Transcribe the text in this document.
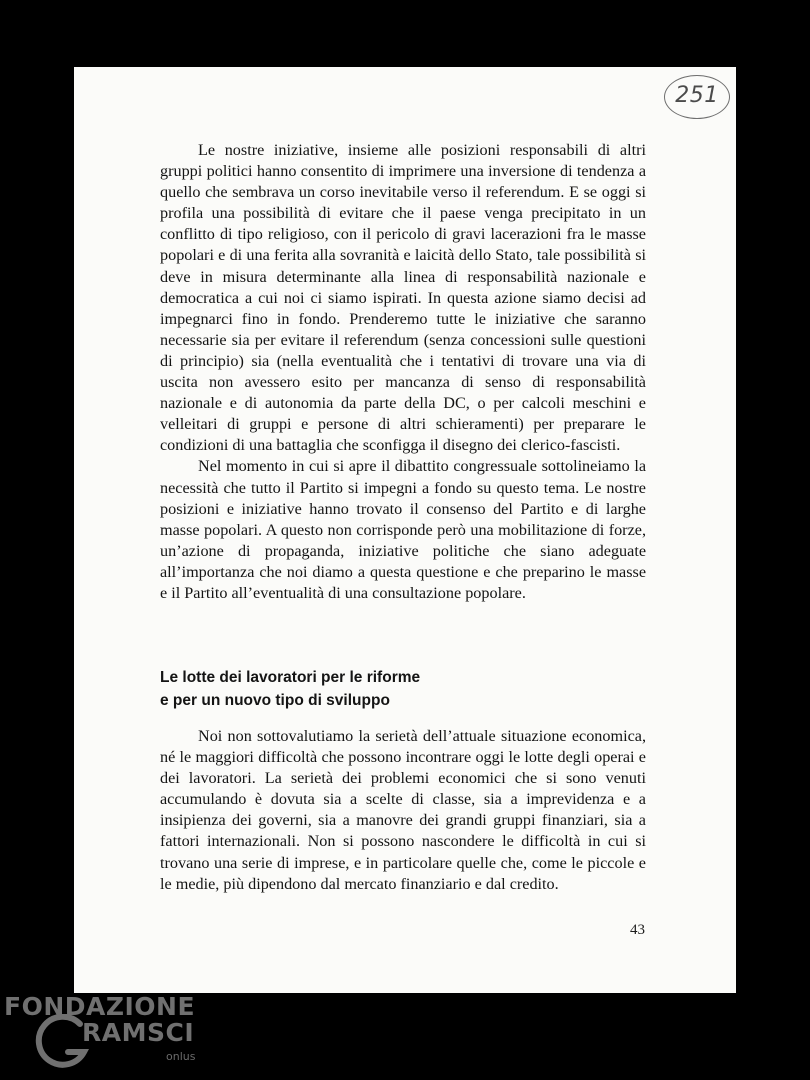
251

Le nostre iniziative, insieme alle posizioni responsabili di altri gruppi politici hanno consentito di imprimere una inversione di tendenza a quello che sembrava un corso inevitabile verso il referendum. E se oggi si profila una possibilità di evitare che il paese venga precipitato in un conflitto di tipo religioso, con il pericolo di gravi lacerazioni fra le masse popolari e di una ferita alla sovranità e laicità dello Stato, tale possibilità si deve in misura determinante alla linea di responsabilità nazionale e democratica a cui noi ci siamo ispirati. In questa azione siamo decisi ad impegnarci fino in fondo. Prenderemo tutte le iniziative che saranno necessarie sia per evitare il referendum (senza concessioni sulle questioni di principio) sia (nella eventualità che i tentativi di trovare una via di uscita non avessero esito per mancanza di senso di responsabilità nazionale e di autonomia da parte della DC, o per calcoli meschini e velleitari di gruppi e persone di altri schieramenti) per preparare le condizioni di una battaglia che sconfigga il disegno dei clerico-fascisti.

Nel momento in cui si apre il dibattito congressuale sottolineiamo la necessità che tutto il Partito si impegni a fondo su questo tema. Le nostre posizioni e iniziative hanno trovato il consenso del Partito e di larghe masse popolari. A questo non corrisponde però una mobilitazione di forze, un’azione di propaganda, iniziative politiche che siano adeguate all’importanza che noi diamo a questa questione e che preparino le masse e il Partito all’eventualità di una consultazione popolare.

Le lotte dei lavoratori per le riforme
e per un nuovo tipo di sviluppo

Noi non sottovalutiamo la serietà dell’attuale situazione economica, né le maggiori difficoltà che possono incontrare oggi le lotte degli operai e dei lavoratori. La serietà dei problemi economici che si sono venuti accumulando è dovuta sia a scelte di classe, sia a imprevidenza e a insipienza dei governi, sia a manovre dei grandi gruppi finanziari, sia a fattori internazionali. Non si possono nascondere le difficoltà in cui si trovano una serie di imprese, e in particolare quelle che, come le piccole e le medie, più dipendono dal mercato finanziario e dal credito.

43
FONDAZIONE
RAMSCI
onlus
